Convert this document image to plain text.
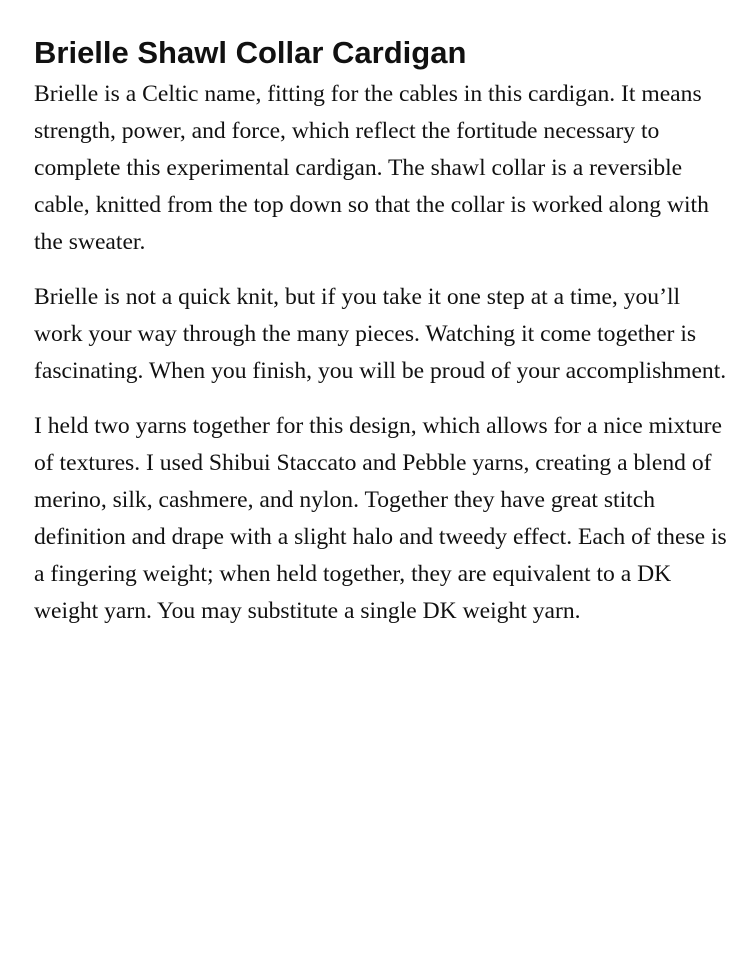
Brielle Shawl Collar Cardigan

Brielle is a Celtic name, fitting for the cables in this cardigan. It means strength, power, and force, which reflect the fortitude necessary to complete this experimental cardigan. The shawl collar is a reversible cable, knitted from the top down so that the collar is worked along with the sweater.

Brielle is not a quick knit, but if you take it one step at a time, you’ll work your way through the many pieces. Watching it come together is fascinating. When you finish, you will be proud of your accomplishment.

I held two yarns together for this design, which allows for a nice mixture of textures. I used Shibui Staccato and Pebble yarns, creating a blend of merino, silk, cashmere, and nylon. Together they have great stitch definition and drape with a slight halo and tweedy effect. Each of these is a fingering weight; when held together, they are equivalent to a DK weight yarn. You may substitute a single DK weight yarn.
